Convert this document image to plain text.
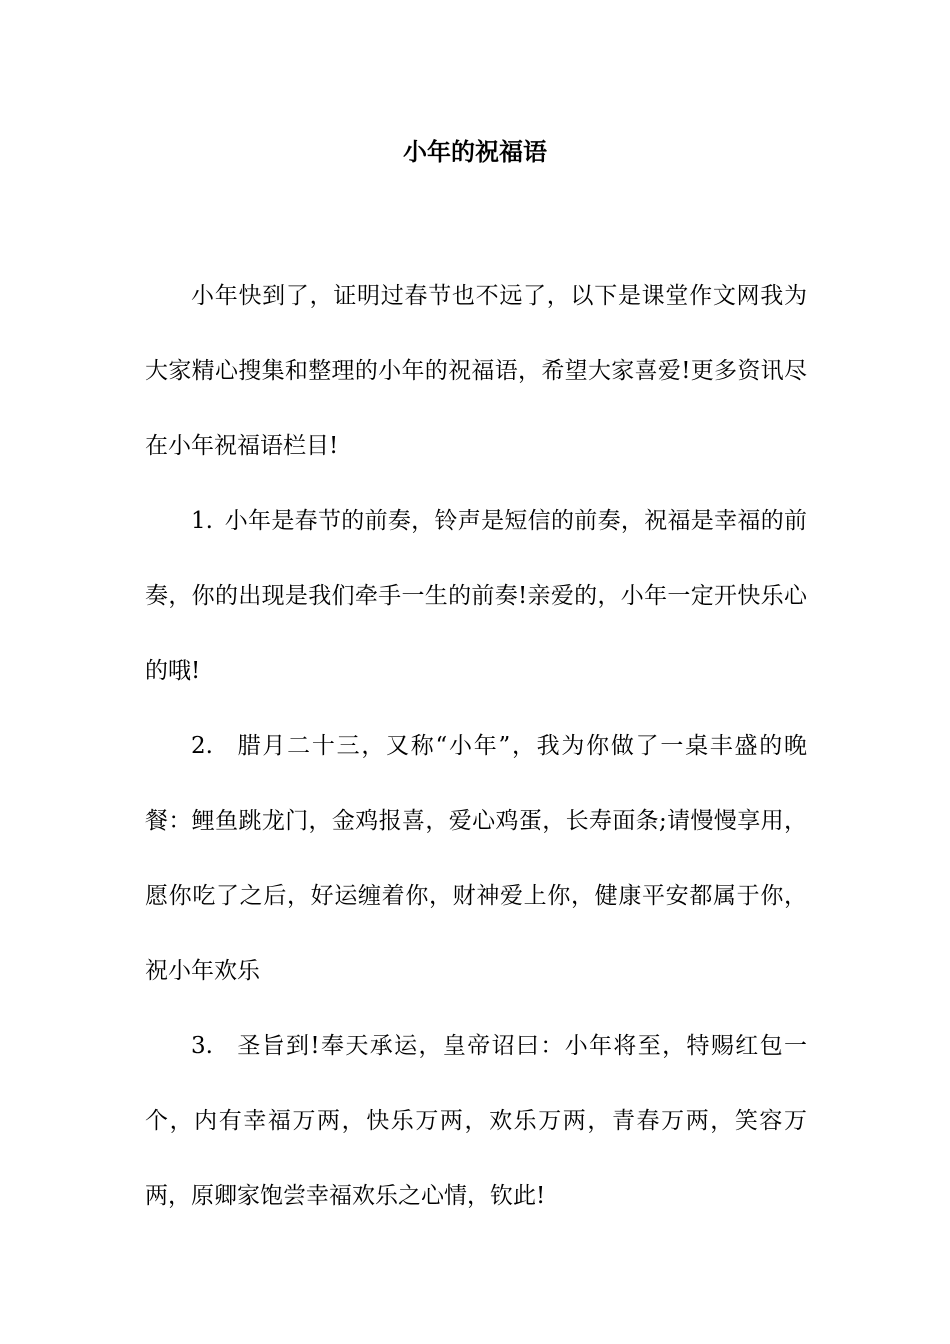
小年的祝福语

小年快到了，证明过春节也不远了，以下是课堂作文网我为大家精心搜集和整理的小年的祝福语，希望大家喜爱!更多资讯尽在小年祝福语栏目!

1.  小年是春节的前奏，铃声是短信的前奏，祝福是幸福的前奏，你的出现是我们牵手一生的前奏!亲爱的，小年一定开快乐心的哦!

2.  腊月二十三，又称“小年”，我为你做了一桌丰盛的晚餐：鲤鱼跳龙门，金鸡报喜，爱心鸡蛋，长寿面条;请慢慢享用，愿你吃了之后，好运缠着你，财神爱上你，健康平安都属于你，祝小年欢乐

3.  圣旨到!奉天承运，皇帝诏曰：小年将至，特赐红包一个，内有幸福万两，快乐万两，欢乐万两，青春万两，笑容万两，原卿家饱尝幸福欢乐之心情，钦此!
